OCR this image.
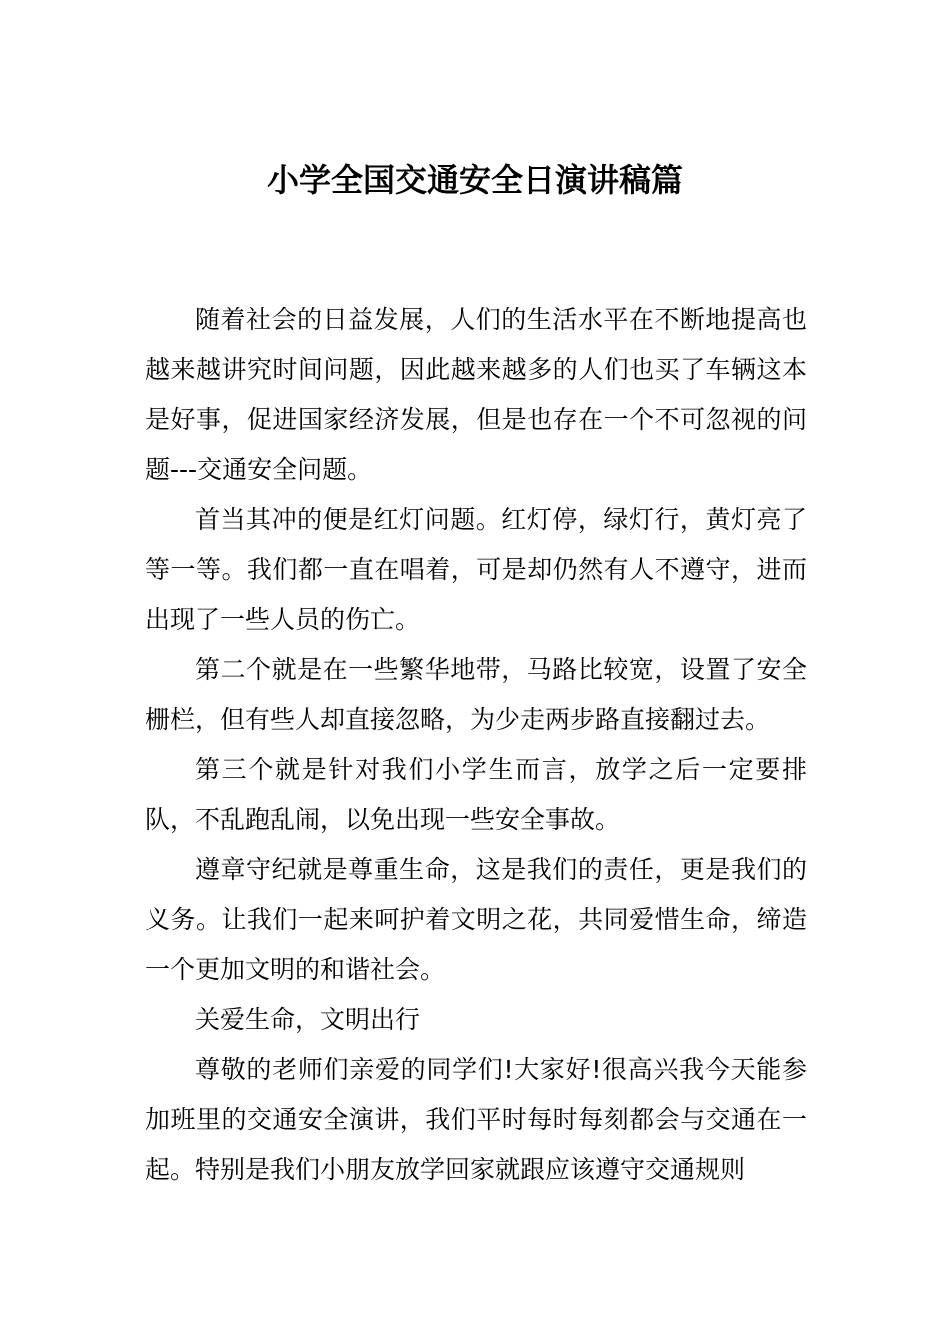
小学全国交通安全日演讲稿篇

随着社会的日益发展，人们的生活水平在不断地提高也越来越讲究时间问题，因此越来越多的人们也买了车辆这本是好事，促进国家经济发展，但是也存在一个不可忽视的问题---交通安全问题。

首当其冲的便是红灯问题。红灯停，绿灯行，黄灯亮了等一等。我们都一直在唱着，可是却仍然有人不遵守，进而出现了一些人员的伤亡。

第二个就是在一些繁华地带，马路比较宽，设置了安全栅栏，但有些人却直接忽略，为少走两步路直接翻过去。

第三个就是针对我们小学生而言，放学之后一定要排队，不乱跑乱闹，以免出现一些安全事故。

遵章守纪就是尊重生命，这是我们的责任，更是我们的义务。让我们一起来呵护着文明之花，共同爱惜生命，缔造一个更加文明的和谐社会。

关爱生命，文明出行

尊敬的老师们亲爱的同学们!大家好!很高兴我今天能参加班里的交通安全演讲，我们平时每时每刻都会与交通在一起。特别是我们小朋友放学回家就跟应该遵守交通规则
